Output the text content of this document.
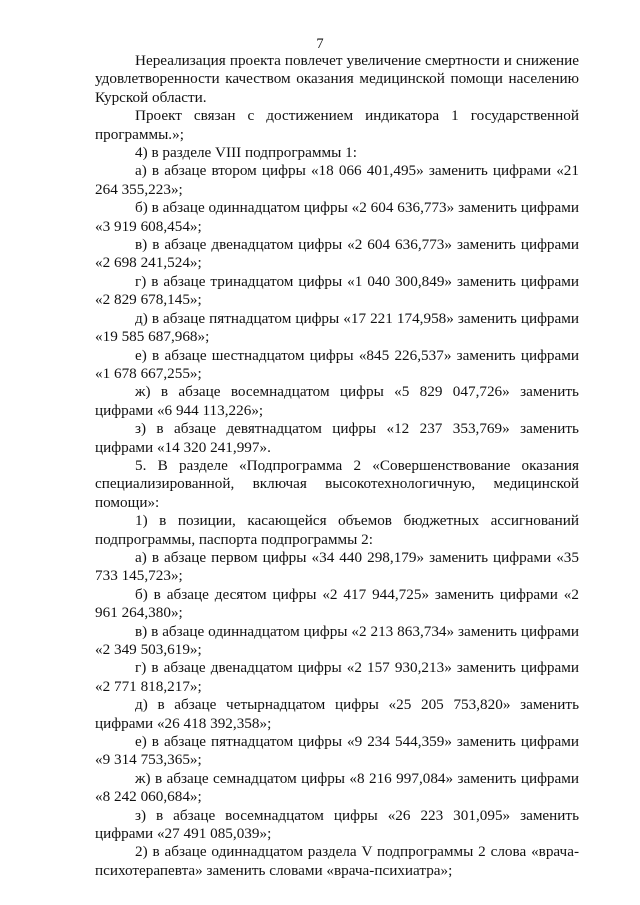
7

Нереализация проекта повлечет увеличение смертности и снижение удовлетворенности качеством оказания медицинской помощи населению Курской области.

Проект связан с достижением индикатора 1 государственной программы.»;

4) в разделе VIII подпрограммы 1:

а) в абзаце втором цифры «18 066 401,495» заменить цифрами «21 264 355,223»;

б) в абзаце одиннадцатом цифры «2 604 636,773» заменить цифрами «3 919 608,454»;

в) в абзаце двенадцатом цифры «2 604 636,773» заменить цифрами «2 698 241,524»;

г) в абзаце тринадцатом цифры «1 040 300,849» заменить цифрами «2 829 678,145»;

д) в абзаце пятнадцатом цифры «17 221 174,958» заменить цифрами «19 585 687,968»;

е) в абзаце шестнадцатом цифры «845 226,537» заменить цифрами «1 678 667,255»;

ж) в абзаце восемнадцатом цифры «5 829 047,726» заменить цифрами «6 944 113,226»;

з) в абзаце девятнадцатом цифры «12 237 353,769» заменить цифрами «14 320 241,997».

5. В разделе «Подпрограмма 2 «Совершенствование оказания специализированной, включая высокотехнологичную, медицинской помощи»:

1) в позиции, касающейся объемов бюджетных ассигнований подпрограммы, паспорта подпрограммы 2:

а) в абзаце первом цифры «34 440 298,179» заменить цифрами «35 733 145,723»;

б) в абзаце десятом цифры «2 417 944,725» заменить цифрами «2 961 264,380»;

в) в абзаце одиннадцатом цифры «2 213 863,734» заменить цифрами «2 349 503,619»;

г) в абзаце двенадцатом цифры «2 157 930,213» заменить цифрами «2 771 818,217»;

д) в абзаце четырнадцатом цифры «25 205 753,820» заменить цифрами «26 418 392,358»;

е) в абзаце пятнадцатом цифры «9 234 544,359» заменить цифрами «9 314 753,365»;

ж) в абзаце семнадцатом цифры «8 216 997,084» заменить цифрами «8 242 060,684»;

з) в абзаце восемнадцатом цифры «26 223 301,095» заменить цифрами «27 491 085,039»;

2) в абзаце одиннадцатом раздела V подпрограммы 2 слова «врача-психотерапевта» заменить словами «врача-психиатра»;
